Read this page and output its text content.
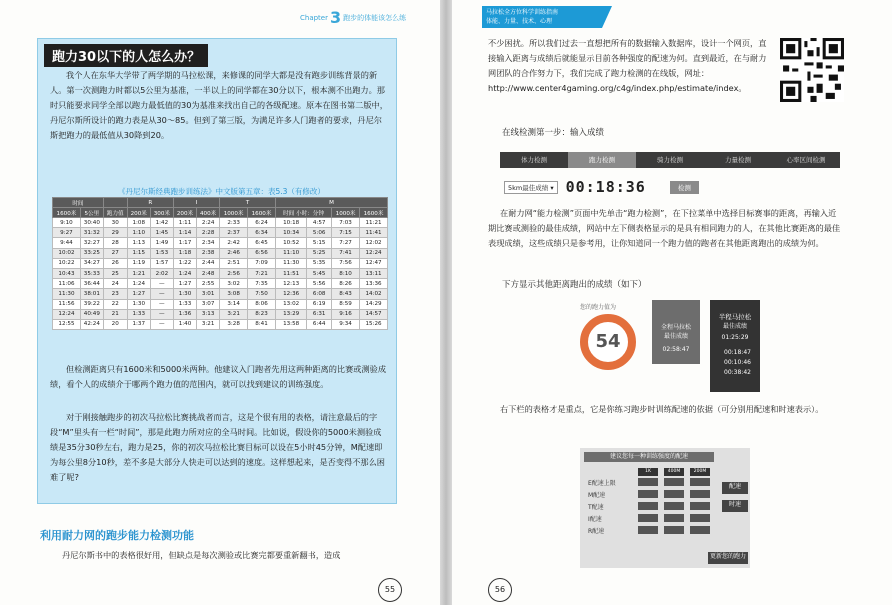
Chapter 3 跑步的体能该怎么练
跑力30以下的人怎么办？
我个人在东华大学带了两学期的马拉松课，来修课的同学大都是没有跑步训练背景的新人。第一次测跑力时都以5公里为基准，一半以上的同学都在30分以下，根本测不出跑力。那时只能要求同学全部以跑力最低值的30为基准来找出自己的各级配速。原本在图书第二版中，丹尼尔斯所设计的跑力表是从30～85。但到了第三版，为满足许多人门跑者的要求，丹尼尔斯把跑力的最低值从30降到20。
《丹尼尔斯经典跑步训练法》中文版第五章：表5.3（有修改）
时间			R		I		T		M			
1600米	5公里	跑力值	200米	300米	200米	400米	1000米	1600米	时间 小时：分钟		1000米	1600米
9:10	30:40	30	1:08	1:42	1:11	2:24	2:33	6:24	10:18	4:57	7:03	11:21
9:27	31:32	29	1:10	1:45	1:14	2:28	2:37	6:34	10:34	5:06	7:15	11:41
9:44	32:27	28	1:13	1:49	1:17	2:34	2:42	6:45	10:52	5:15	7:27	12:02
10:02	33:25	27	1:15	1:53	1:18	2:38	2:46	6:56	11:10	5:25	7:41	12:24
10:22	34:27	26	1:19	1:57	1:22	2:44	2:51	7:09	11:30	5:35	7:56	12:47
10:43	35:33	25	1:21	2:02	1:24	2:48	2:56	7:21	11:51	5:45	8:10	13:11
11:06	36:44	24	1:24	—	1:27	2:55	3:02	7:35	12:13	5:56	8:26	13:36
11:30	38:01	23	1:27	—	1:30	3:01	3:08	7:50	12:36	6:08	8:43	14:02
11:56	39:22	22	1:30	—	1:33	3:07	3:14	8:06	13:02	6:19	8:59	14:29
12:24	40:49	21	1:33	—	1:36	3:13	3:21	8:23	13:29	6:31	9:16	14:57
12:55	42:24	20	1:37	—	1:40	3:21	3:28	8:41	13:58	6:44	9:34	15:26
但检测距离只有1600米和5000米两种。他建议入门跑者先用这两种距离的比赛或测验成绩，看个人的成绩介于哪两个跑力值的范围内，就可以找到建议的训练强度。
对于刚接触跑步的初次马拉松比赛挑战者而言，这是个很有用的表格，请注意最后的字段“M”里头有一栏“时间”，那是此跑力所对应的全马时间。比如说，假设你的5000米测验成绩是35分30秒左右，跑力是25，你的初次马拉松比赛目标可以设在5小时45分钟，M配速即为每公里8分10秒，差不多是大部分人快走可以达到的速度。这样想起来，是否变得不那么困难了呢?
利用耐力网的跑步能力检测功能
丹尼尔斯书中的表格很好用，但缺点是每次测验或比赛完都要重新翻书，造成
55
马拉松全方位科学训练指南
体能、力量、技术、心理
不少困扰。所以我们过去一直想把所有的数据输入数据库，设计一个网页，直接输入距离与成绩后就能显示目前各种强度的配速为何。直到最近，在与耐力网团队的合作努力下，我们完成了跑力检测的在线版，网址：http://www.center4gaming.org/c4g/index.php/estimate/index。
在线检测第一步：输入成绩
体力检测	跑力检测	骑力检测	力量检测	心率区间检测
5km最佳成绩 ▾ 00:18:36	检测
在耐力网“能力检测”页面中先单击“跑力检测”，在下拉菜单中选择目标赛事的距离，再输入近期比赛或测验的最佳成绩，网站中左下侧表格显示的是具有相同跑力的人，在其他比赛距离的最佳表现成绩，这些成绩只是参考用，让你知道同一个跑力值的跑者在其他距离跑出的成绩为何。
下方显示其他距离跑出的成绩（如下）
您的跑力值为
54
全程马拉松
最佳成绩
02:58:47
半程马拉松
最佳成绩
01:25:29
00:18:47
00:10:46
00:38:42
右下栏的表格才是重点，它是你练习跑步时训练配速的依据（可分别用配速和时速表示）。
建议您每一种训练强度的配速
1K	400M	200M
E配速上限
M配速
T配速
I配速
R配速
配速
时速
更新您的跑力
56
